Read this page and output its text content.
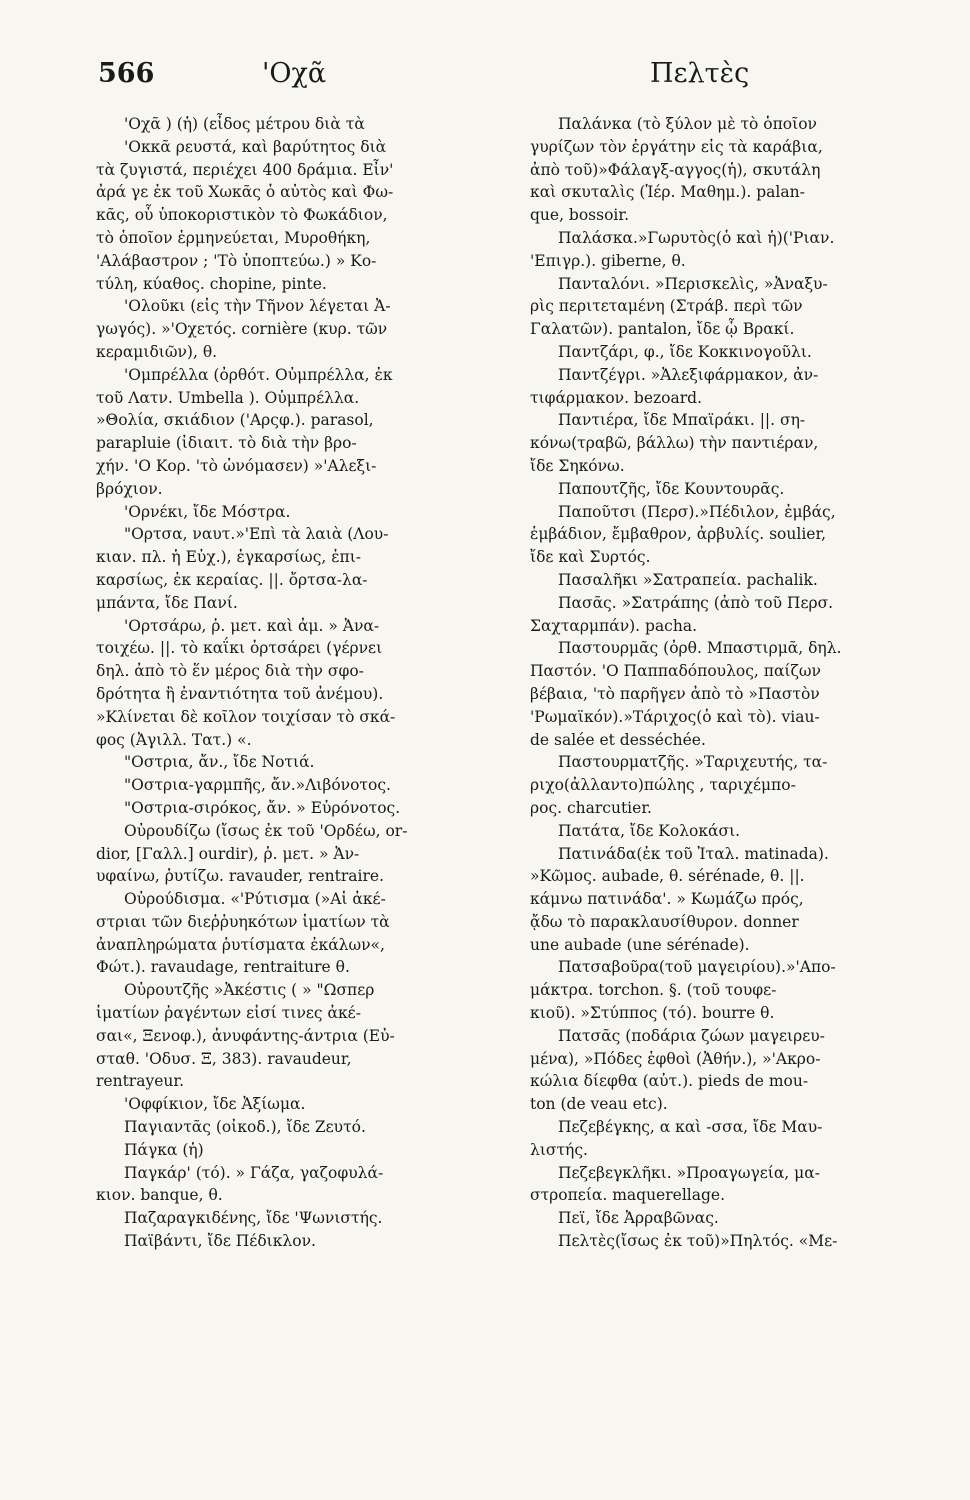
566	'Οχᾶ	Πελτὲς
'Οχᾶ ) (ἡ) (εἶδος μέτρου διὰ τὰ
'Οκκᾶ ρευστά, καὶ βαρύτητος διὰ
τὰ ζυγιστά, περιέχει 400 δράμια. Εἶν'
ἀρά γε ἐκ τοῦ Χωκᾶς ὁ αὐτὸς καὶ Φω-
κᾶς, οὗ ὑποκοριστικὸν τὸ Φωκάδιον,
τὸ ὁποῖον ἑρμηνεύεται, Μυροθήκη,
'Αλάβαστρον ; 'Τὸ ὑποπτεύω.) » Κο-
τύλη, κύαθος. chopine, pinte.
'Ολοῦκι (εἰς τὴν Τῆνον λέγεται Ἀ-
γωγός). »'Οχετός. cornière (κυρ. τῶν
κεραμιδιῶν), θ.
'Ομπρέλλα (ὀρθότ. Οὐμπρέλλα, ἐκ
τοῦ Λατν. Umbella ). Οὐμπρέλλα.
»Θολία, σκιάδιον ('Αρςφ.). parasol,
parapluie (ἰδιαιτ. τὸ διὰ τὴν βρο-
χήν. 'Ο Κορ. 'τὸ ὠνόμασεν) »'Αλεξι-
βρόχιον.
'Ορνέκι, ἴδε Μόστρα.
"Ορτσα, ναυτ.»'Επὶ τὰ λαιὰ (Λου-
κιαν. πλ. ἡ Εὐχ.), ἐγκαρσίως, ἐπι-
καρσίως, ἐκ κεραίας. ||. ὄρτσα-λα-
μπάντα, ἴδε Πανί.
'Ορτσάρω, ῥ. μετ. καὶ ἀμ. » Ἀνα-
τοιχέω. ||. τὸ καΐκι ὀρτσάρει (γέρνει
δηλ. ἀπὸ τὸ ἕν μέρος διὰ τὴν σφο-
δρότητα ἢ ἐναντιότητα τοῦ ἀνέμου).
»Κλίνεται δὲ κοῖλον τοιχίσαν τὸ σκά-
φος (Ἀγιλλ. Τατ.) «.
"Οστρια, ἄν., ἴδε Νοτιά.
"Οστρια-γαρμπῆς, ἄν.»Λιβόνοτος.
"Οστρια-σιρόκος, ἄν. » Εὐρόνοτος.
Οὐρουδίζω (ἴσως ἐκ τοῦ 'Ορδέω, or-
dior, [Γαλλ.] ourdir), ῥ. μετ. » Ἀν-
υφαίνω, ῥυτίζω. ravauder, rentraire.
Οὐρούδισμα. «'Ρύτισμα (»Αἱ ἀκέ-
στριαι τῶν διεῤῥυηκότων ἱματίων τὰ
ἀναπληρώματα ῥυτίσματα ἐκάλων«,
Φώτ.). ravaudage, rentraiture θ.
Οὐρουτζῆς »Ἀκέστις ( » "Ωσπερ
ἱματίων ῥαγέντων εἰσί τινες ἀκέ-
σαι«, Ξενοφ.), ἀνυφάντης-άντρια (Εὐ-
σταθ. 'Οδυσ. Ξ, 383). ravaudeur,
rentrayeur.
'Οφφίκιον, ἴδε Ἀξίωμα.
Παγιαντᾶς (οἰκοδ.), ἴδε Ζευτό.
Πάγκα (ἡ)
Παγκάρ' (τό). » Γάζα, γαζοφυλά-
κιον. banque, θ.
Παζαραγκιδένης, ἴδε 'Ψωνιστής.
Παϊβάντι, ἴδε Πέδικλον.
Παλάνκα (τὸ ξύλον μὲ τὸ ὁποῖον
γυρίζων τὸν ἐργάτην εἰς τὰ καράβια,
ἀπὸ τοῦ)»Φάλαγξ-αγγος(ἡ), σκυτάλη
καὶ σκυταλὶς (Ἱέρ. Μαθημ.). palan-
que, bossoir.
Παλάσκα.»Γωρυτὸς(ὁ καὶ ἡ)('Ριαν.
'Επιγρ.). giberne, θ.
Πανταλόνι. »Περισκελὶς, »Ἀναξυ-
ρὶς περιτεταμένη (Στράβ. περὶ τῶν
Γαλατῶν). pantalon, ἴδε ᾧ Βρακί.
Παντζάρι, φ., ἴδε Κοκκινογοῦλι.
Παντζέγρι. »Ἀλεξιφάρμακον, ἀν-
τιφάρμακον. bezoard.
Παντιέρα, ἴδε Μπαϊράκι. ||. ση-
κόνω(τραβῶ, βάλλω) τὴν παντιέραν,
ἴδε Σηκόνω.
Παπουτζῆς, ἴδε Κουντουρᾶς.
Παποῦτσι (Περσ).»Πέδιλον, ἐμβάς,
ἐμβάδιον, ἔμβαθρον, ἀρβυλίς. soulier,
ἴδε καὶ Συρτός.
Πασαλῆκι »Σατραπεία. pachalik.
Πασᾶς. »Σατράπης (ἀπὸ τοῦ Περσ.
Σαχταρμπάν). pacha.
Παστουρμᾶς (ὀρθ. Μπαστιρμᾶ, δηλ.
Παστόν. 'Ο Παππαδόπουλος, παίζων
βέβαια, 'τὸ παρῆγεν ἀπὸ τὸ »Παστὸν
'Ρωμαϊκόν).»Τάριχος(ὁ καὶ τὸ). viau-
de salée et desséchée.
Παστουρματζῆς. »Ταριχευτής, τα-
ριχο(ἀλλαντο)πώλης , ταριχέμπο-
ρος. charcutier.
Πατάτα, ἴδε Κολοκάσι.
Πατινάδα(ἐκ τοῦ Ἰταλ. matinada).
»Κῶμος. aubade, θ. sérénade, θ. ||.
κάμνω πατινάδα'. » Κωμάζω πρός,
ᾄδω τὸ παρακλαυσίθυρον. donner
une aubade (une sérénade).
Πατσαβοῦρα(τοῦ μαγειρίου).»'Απο-
μάκτρα. torchon. §. (τοῦ τουφε-
κιοῦ). »Στύππος (τό). bourre θ.
Πατσᾶς (ποδάρια ζώων μαγειρευ-
μένα), »Πόδες ἑφθοὶ (Ἀθήν.), »'Ακρο-
κώλια δίεφθα (αὐτ.). pieds de mou-
ton (de veau etc).
Πεζεβέγκης, α καὶ -σσα, ἴδε Μαυ-
λιστής.
Πεζεβεγκλῆκι. »Προαγωγεία, μα-
στροπεία. maquerellage.
Πεϊ, ἴδε Ἀρραβῶνας.
Πελτὲς(ἴσως ἐκ τοῦ)»Πηλτός. «Με-
